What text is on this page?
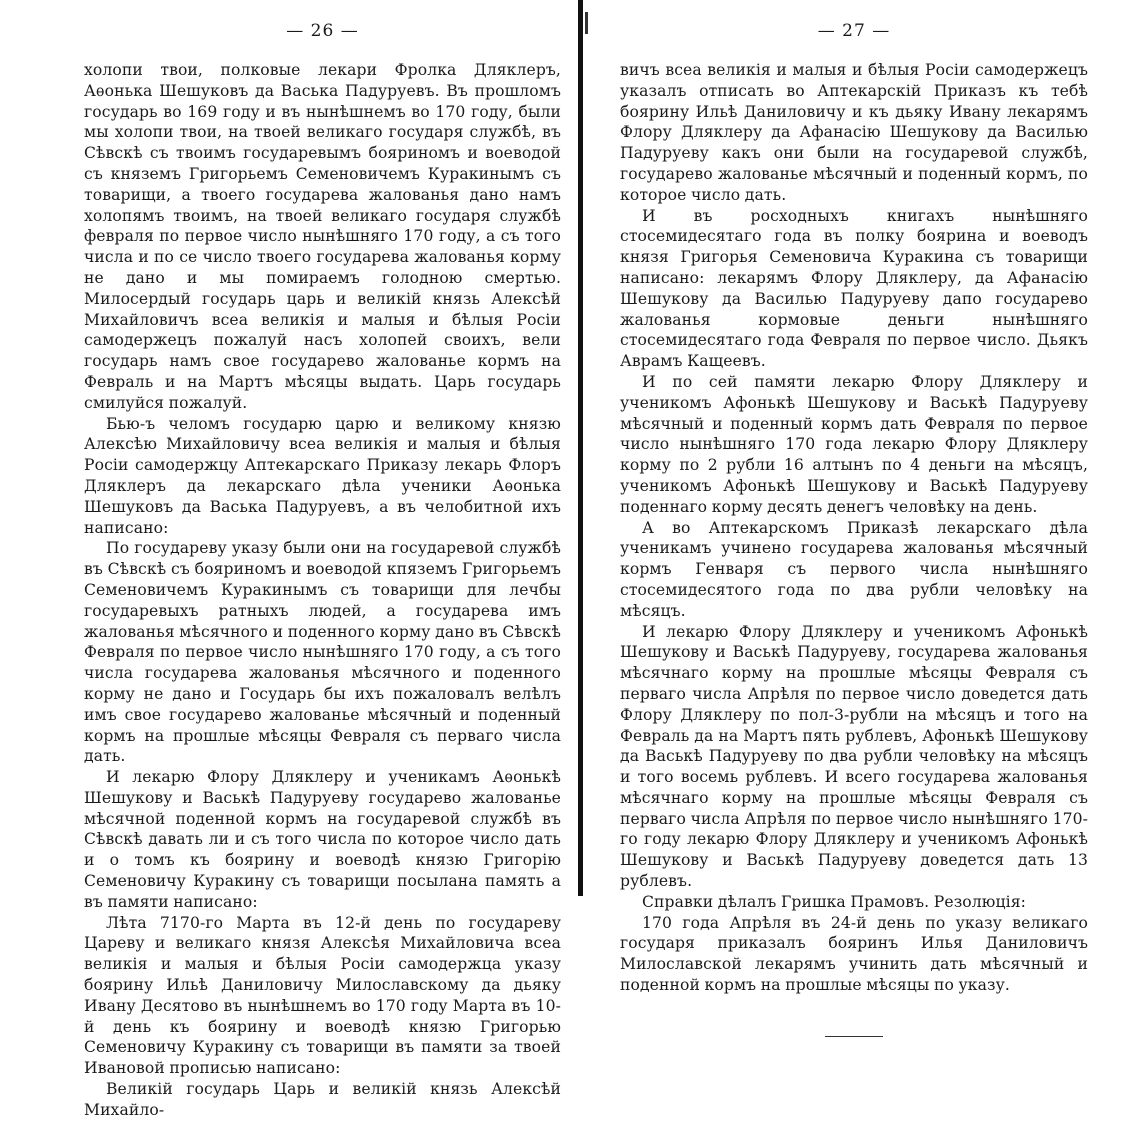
— 26 —

холопи твои, полковые лекари Фролка Дляклеръ, Аѳонька Шешуковъ да Васька Падуруевъ. Въ прошломъ государь во 169 году и въ нынѣшнемъ во 170 году, были мы холопи твои, на твоей великаго государя службѣ, въ Сѣвскѣ съ твоимъ государевымъ бояриномъ и воеводой съ княземъ Григорьемъ Семеновичемъ Куракинымъ съ товарищи, а твоего государева жалованья дано намъ холопямъ твоимъ, на твоей великаго государя службѣ февраля по первое число нынѣшняго 170 году, а съ того числа и по се число твоего государева жалованья корму не дано и мы помираемъ голодною смертью. Милосердый государь царь и великій князь Алексѣй Михайловичъ всеа великія и малыя и бѣлыя Росіи самодержецъ пожалуй насъ холопей своихъ, вели государь намъ свое государево жалованье кормъ на Февраль и на Мартъ мѣсяцы выдать. Царь государь смилуйся пожалуй.

Бью-ъ челомъ государю царю и великому князю Алексѣю Михайловичу всеа великія и малыя и бѣлыя Росіи самодержцу Аптекарскаго Приказу лекарь Флоръ Дляклеръ да лекарскаго дѣла ученики Аѳонька Шешуковъ да Васька Падуруевъ, а въ челобитной ихъ написано:

По государеву указу были они на государевой службѣ въ Сѣвскѣ съ бояриномъ и воеводой кпяземъ Григорьемъ Семеновичемъ Куракинымъ съ товарищи для лечбы государевыхъ ратныхъ людей, а государева имъ жалованья мѣсячного и поденного корму дано въ Сѣвскѣ Февраля по первое число нынѣшняго 170 году, а съ того числа государева жалованья мѣсячного и поденного корму не дано и Государь бы ихъ пожаловалъ велѣлъ имъ свое государево жалованье мѣсячный и поденный кормъ на прошлые мѣсяцы Февраля съ перваго числа дать.

И лекарю Флору Дляклеру и ученикамъ Аѳонькѣ Шешукову и Васькѣ Падуруеву государево жалованье мѣсячной поденной кормъ на государевой службѣ въ Сѣвскѣ давать ли и съ того числа по которое число дать и о томъ къ боярину и воеводѣ князю Григорію Семеновичу Куракину съ товарищи посылана память а въ памяти написано:

Лѣта 7170-го Марта въ 12-й день по государеву Цареву и великаго князя Алексѣя Михайловича всеа великія и малыя и бѣлыя Росіи самодержца указу боярину Ильѣ Даниловичу Милославскому да дьяку Ивану Десятово въ нынѣшнемъ во 170 году Марта въ 10-й день къ боярину и воеводѣ князю Григорью Семеновичу Куракину съ товарищи въ памяти за твоей Ивановой прописью написано:

Великій государь Царь и великій князь Алексѣй Михайло-

— 27 —

вичъ всеа великія и малыя и бѣлыя Росіи самодержецъ указалъ отписать во Аптекарскій Приказъ къ тебѣ боярину Ильѣ Даниловичу и къ дьяку Ивану лекарямъ Флору Дляклеру да Афанасію Шешукову да Василью Падуруеву какъ они были на государевой службѣ, государево жалованье мѣсячный и поденный кормъ, по которое число дать.

И въ росходныхъ книгахъ нынѣшняго стосемидесятаго года въ полку боярина и воеводъ князя Григорья Семеновича Куракина съ товарищи написано: лекарямъ Флору Дляклеру, да Афанасію Шешукову да Василью Падуруеву дапо государево жалованья кормовые деньги нынѣшняго стосемидесятаго года Февраля по первое число. Дьякъ Аврамъ Кащеевъ.

И по сей памяти лекарю Флору Дляклеру и ученикомъ Афонькѣ Шешукову и Васькѣ Падуруеву мѣсячный и поденный кормъ дать Февраля по первое число нынѣшняго 170 года лекарю Флору Дляклеру корму по 2 рубли 16 алтынъ по 4 деньги на мѣсяцъ, ученикомъ Афонькѣ Шешукову и Васькѣ Падуруеву поденнаго корму десять денегъ человѣку на день.

А во Аптекарскомъ Приказѣ лекарскаго дѣла ученикамъ учинено государева жалованья мѣсячный кормъ Генваря съ первого числа нынѣшняго стосемидесятого года по два рубли человѣку на мѣсяцъ.

И лекарю Флору Дляклеру и ученикомъ Афонькѣ Шешукову и Васькѣ Падуруеву, государева жалованья мѣсячнаго корму на прошлые мѣсяцы Февраля съ перваго числа Апрѣля по первое число доведется дать Флору Дляклеру по пол-3-рубли на мѣсяцъ и того на Февраль да на Мартъ пять рублевъ, Афонькѣ Шешукову да Васькѣ Падуруеву по два рубли человѣку на мѣсяцъ и того восемь рублевъ. И всего государева жалованья мѣсячнаго корму на прошлые мѣсяцы Февраля съ перваго числа Апрѣля по первое число нынѣшняго 170-го году лекарю Флору Дляклеру и ученикомъ Афонькѣ Шешукову и Васькѣ Падуруеву доведется дать 13 рублевъ.

Справки дѣлалъ Гришка Прамовъ. Резолюція:

170 года Апрѣля въ 24-й день по указу великаго государя приказалъ бояринъ Илья Даниловичъ Милославской лекарямъ учинить дать мѣсячный и поденной кормъ на прошлые мѣсяцы по указу.
